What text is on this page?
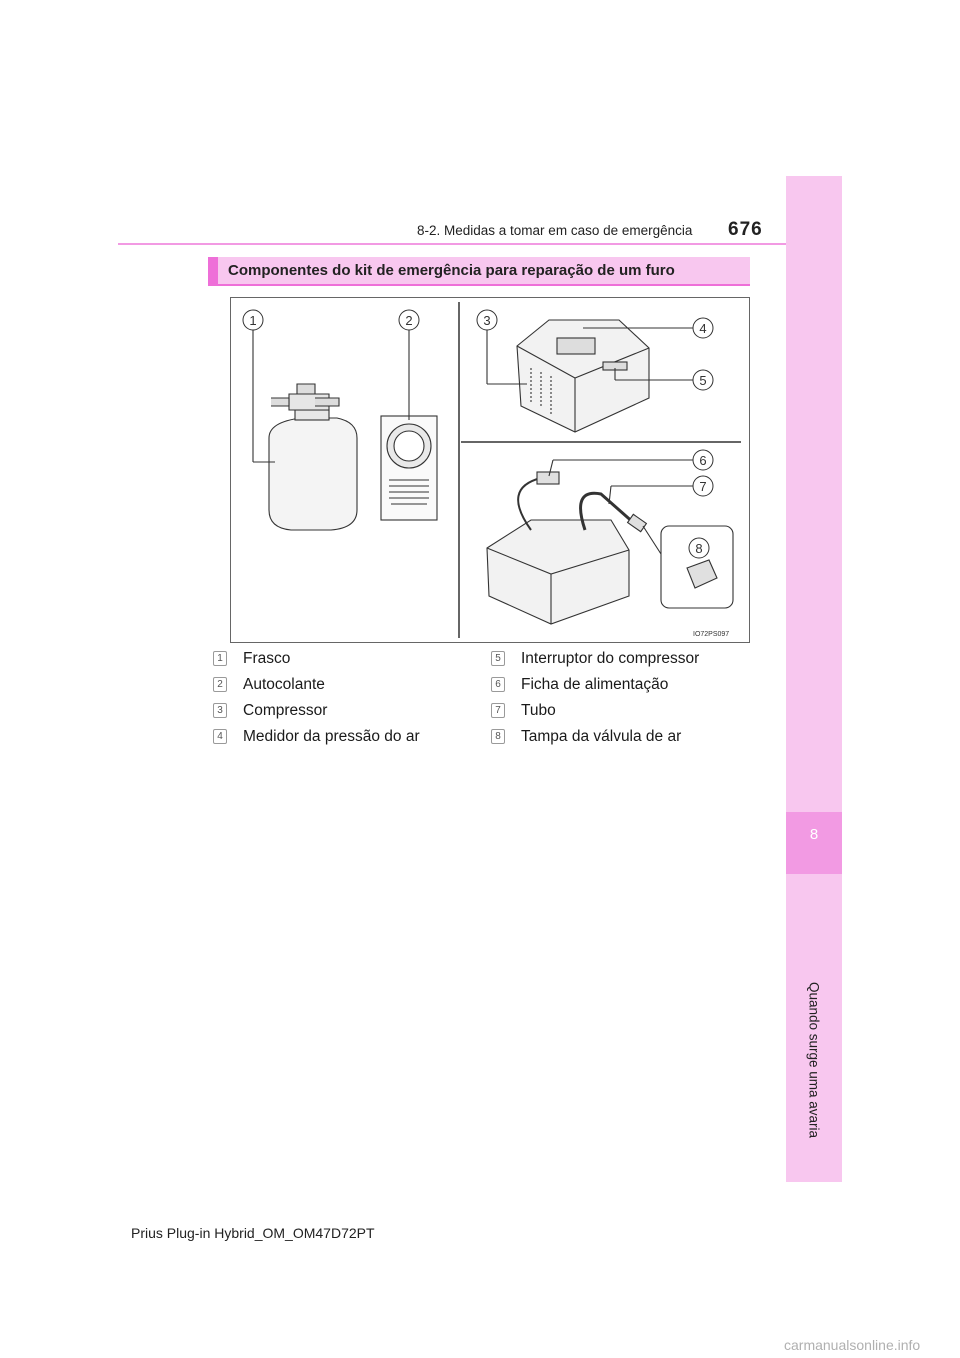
8
Quando surge uma avaria
8-2. Medidas a tomar em caso de emergência 676
Componentes do kit de emergência para reparação de um furo
1	2	3
4
5
6
7
8
IO72PS097
1 Frasco
2 Autocolante
3 Compressor
4 Medidor da pressão do ar
5 Interruptor do compressor
6 Ficha de alimentação
7 Tubo
8 Tampa da válvula de ar
Prius Plug-in Hybrid_OM_OM47D72PT
carmanualsonline.info
